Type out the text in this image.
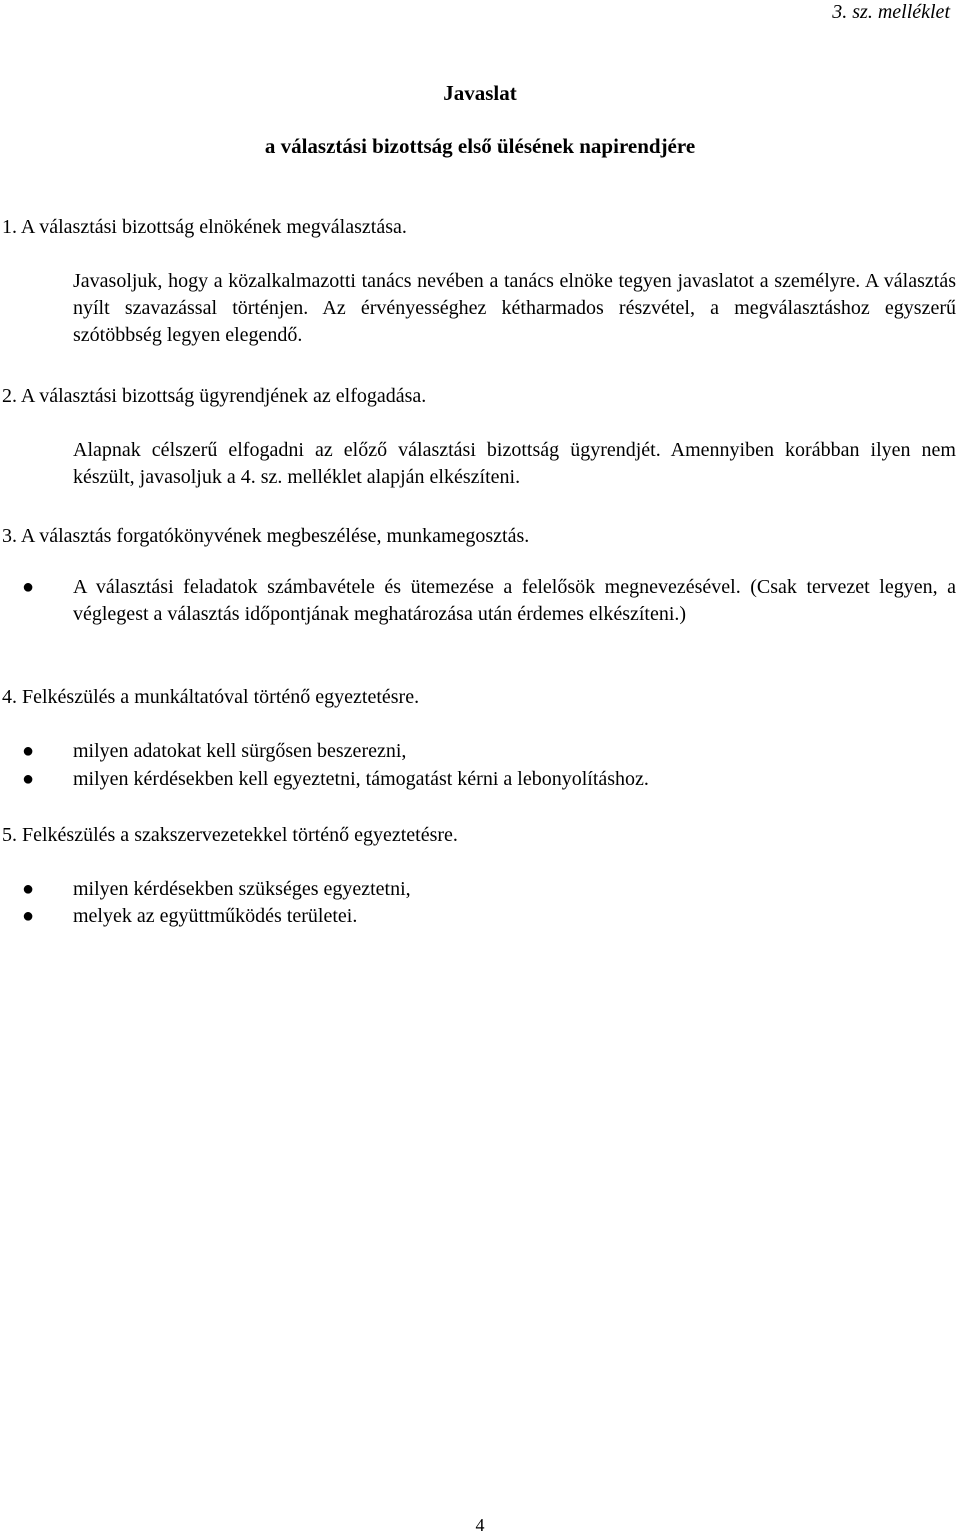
3. sz. melléklet
Javaslat
a választási bizottság első ülésének napirendjére
1. A választási bizottság elnökének megválasztása.
Javasoljuk, hogy a közalkalmazotti tanács nevében a tanács elnöke tegyen javaslatot a személyre. A választás nyílt szavazással történjen. Az érvényességhez kétharmados részvétel, a megválasztáshoz egyszerű szótöbbség legyen elegendő.
2. A választási bizottság ügyrendjének az elfogadása.
Alapnak célszerű elfogadni az előző választási bizottság ügyrendjét. Amennyiben korábban ilyen nem készült, javasoljuk a 4. sz. melléklet alapján elkészíteni.
3. A választás forgatókönyvének megbeszélése, munkamegosztás.
●	A választási feladatok számbavétele és ütemezése a felelősök megnevezésével. (Csak tervezet legyen, a véglegest a választás időpontjának meghatározása után érdemes elkészíteni.)
4. Felkészülés a munkáltatóval történő egyeztetésre.
●	milyen adatokat kell sürgősen beszerezni,
●	milyen kérdésekben kell egyeztetni, támogatást kérni a lebonyolításhoz.
5. Felkészülés a szakszervezetekkel történő egyeztetésre.
●	milyen kérdésekben szükséges egyeztetni,
●	melyek az együttműködés területei.
4
